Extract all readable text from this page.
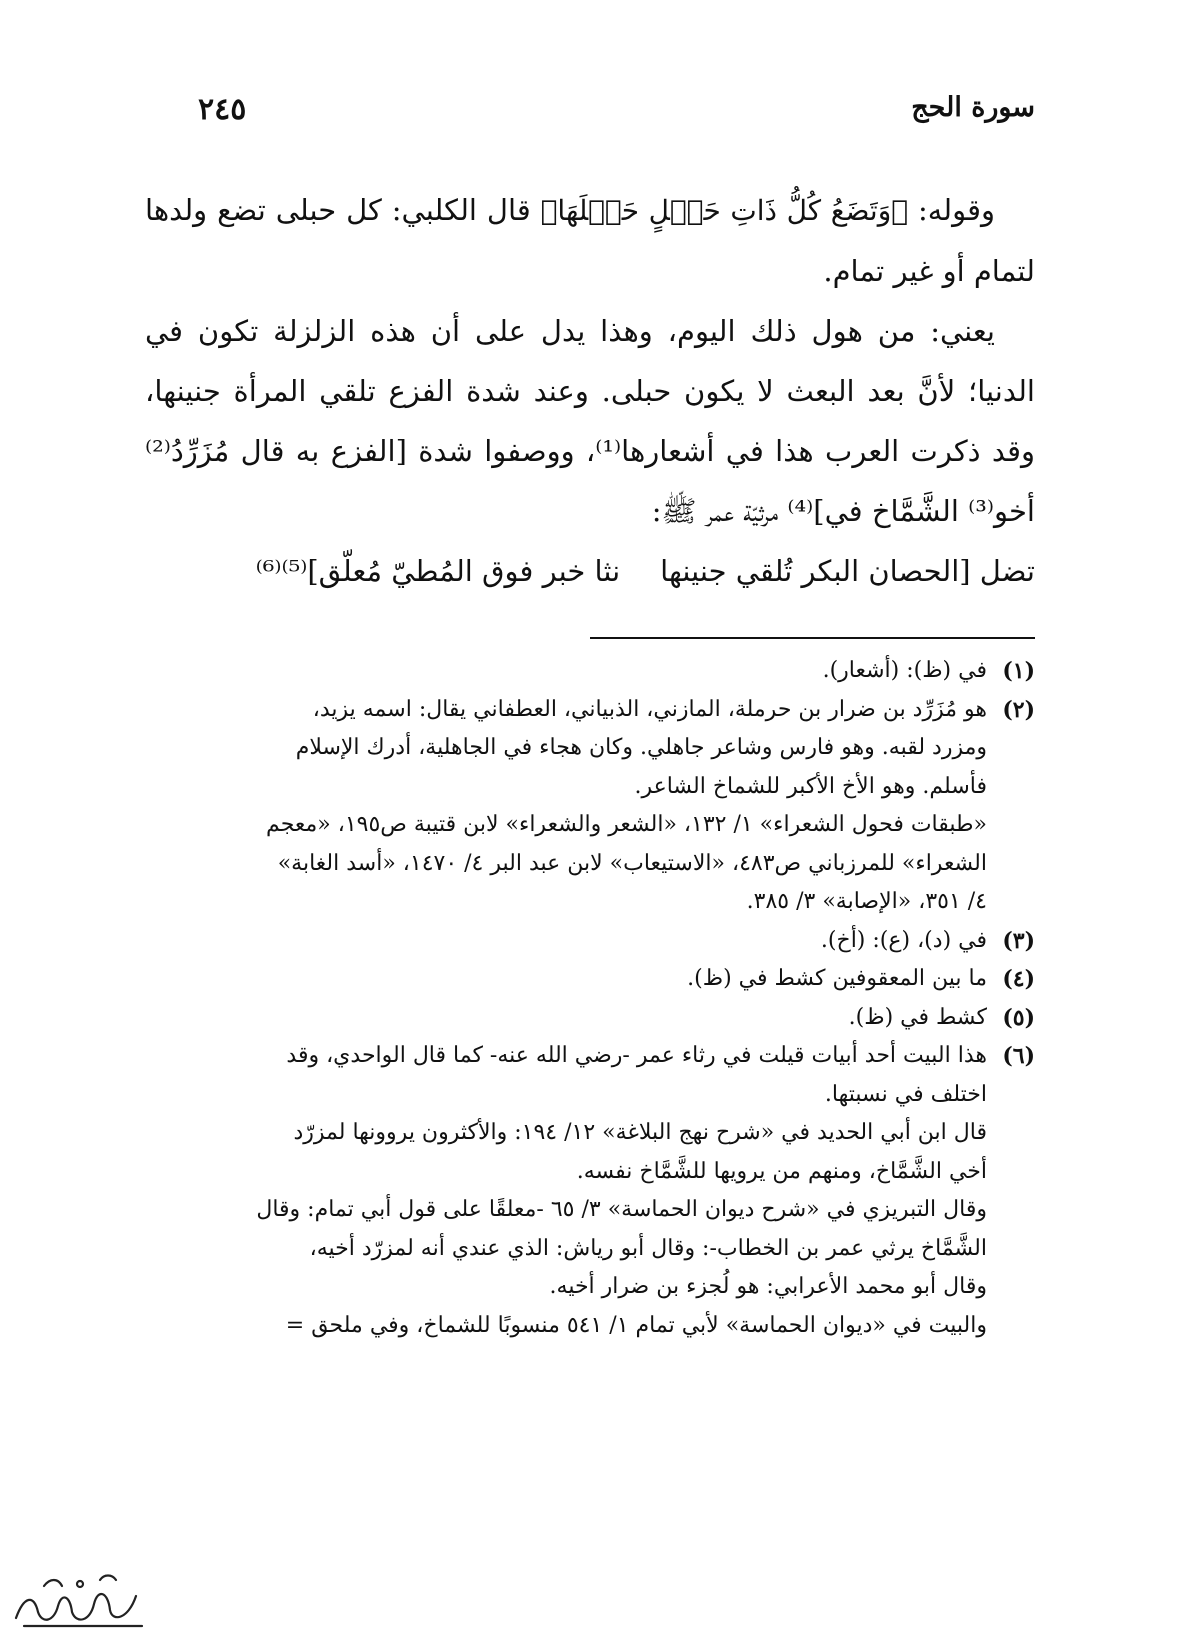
سورة الحج
٢٤٥

وقوله: ﴿وَتَضَعُ كُلُّ ذَاتِ حَمۡلٍ حَمۡلَهَا﴾ قال الكلبي: كل حبلى تضع ولدها لتمام أو غير تمام.

يعني: من هول ذلك اليوم، وهذا يدل على أن هذه الزلزلة تكون في الدنيا؛ لأنَّ بعد البعث لا يكون حبلى. وعند شدة الفزع تلقي المرأة جنينها، وقد ذكرت العرب هذا في أشعارها⁽¹⁾، ووصفوا شدة [الفزع به قال مُزَرِّدُ⁽²⁾ أخو⁽³⁾ الشَّمَّاخ في]⁽⁴⁾ مرثيّة عمر ﷺ:

تضل [الحصان البكر تُلقي جنينهانثا خبر فوق المُطيّ مُعلّق]⁽⁵⁾⁽⁶⁾
(١)
في (ظ): (أشعار).
(٢)
هو مُزَرِّد بن ضرار بن حرملة، المازني، الذبياني، العطفاني يقال: اسمه يزيد،

ومزرد لقبه. وهو فارس وشاعر جاهلي. وكان هجاء في الجاهلية، أدرك الإسلام

فأسلم. وهو الأخ الأكبر للشماخ الشاعر.

«طبقات فحول الشعراء» ١/ ١٣٢، «الشعر والشعراء» لابن قتيبة ص١٩٥، «معجم

الشعراء» للمرزباني ص٤٨٣، «الاستيعاب» لابن عبد البر ٤/ ١٤٧٠، «أسد الغابة»

٤/ ٣٥١، «الإصابة» ٣/ ٣٨٥.

(٣)
في (د)، (ع): (أخ).
(٤)
ما بين المعقوفين كشط في (ظ).
(٥)
كشط في (ظ).
(٦)
هذا البيت أحد أبيات قيلت في رثاء عمر -رضي الله عنه- كما قال الواحدي، وقد

اختلف في نسبتها.

قال ابن أبي الحديد في «شرح نهج البلاغة» ١٢/ ١٩٤: والأكثرون يروونها لمزرّد

أخي الشَّمَّاخ، ومنهم من يرويها للشَّمَّاخ نفسه.

وقال التبريزي في «شرح ديوان الحماسة» ٣/ ٦٥ -معلقًا على قول أبي تمام: وقال

الشَّمَّاخ يرثي عمر بن الخطاب-: وقال أبو رياش: الذي عندي أنه لمزرّد أخيه،

وقال أبو محمد الأعرابي: هو لُجزء بن ضرار أخيه.

والبيت في «ديوان الحماسة» لأبي تمام ١/ ٥٤١ منسوبًا للشماخ، وفي ملحق =
